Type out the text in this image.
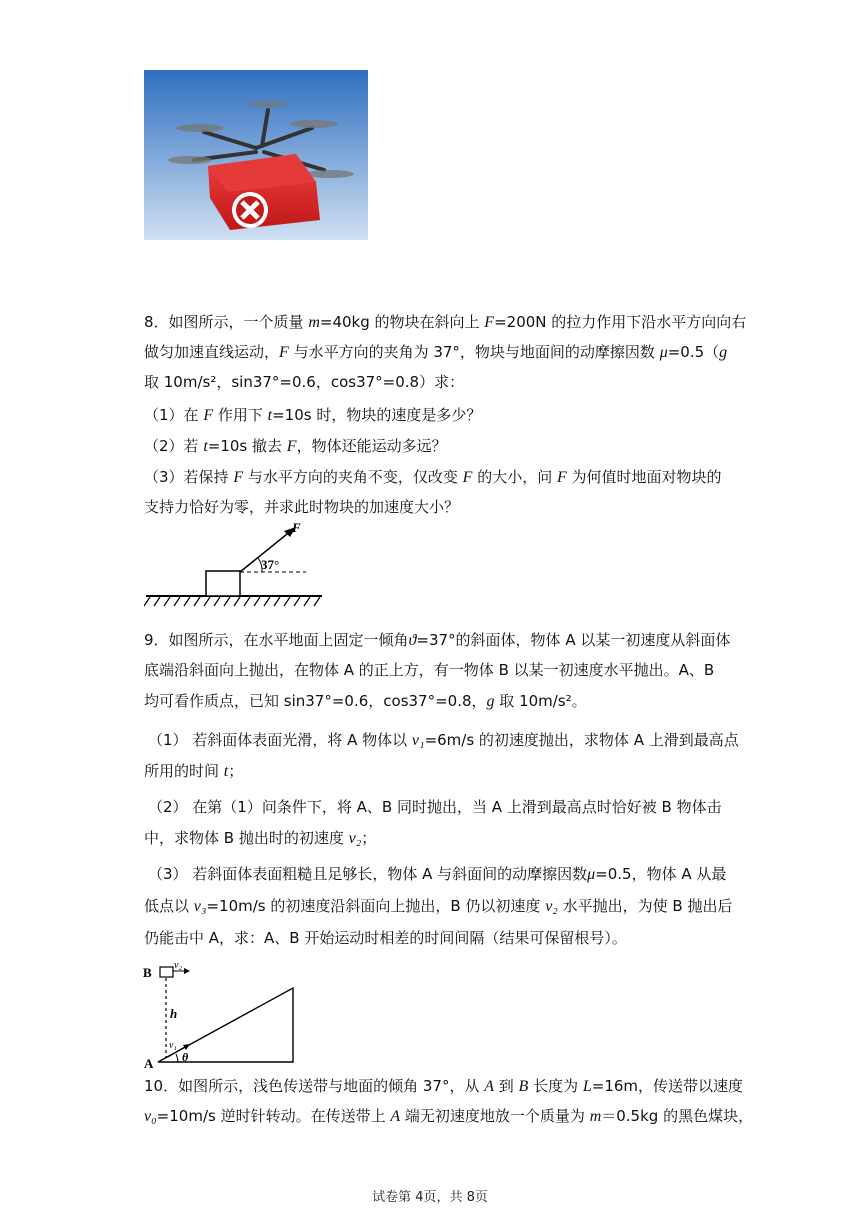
8．如图所示，一个质量 m=40kg 的物块在斜向上 F=200N 的拉力作用下沿水平方向向右
做匀加速直线运动，F 与水平方向的夹角为 37°，物块与地面间的动摩擦因数 μ=0.5（g
取 10m/s²，sin37°=0.6，cos37°=0.8）求：
（1）在 F 作用下 t=10s 时，物块的速度是多少？
（2）若 t=10s 撤去 F，物体还能运动多远？
（3）若保持 F 与水平方向的夹角不变，仅改变 F 的大小，问 F 为何值时地面对物块的
支持力恰好为零，并求此时物块的加速度大小？
37°
F
9．如图所示，在水平地面上固定一倾角ϑ=37°的斜面体，物体 A 以某一初速度从斜面体
底端沿斜面向上抛出，在物体 A 的正上方，有一物体 B 以某一初速度水平抛出。A、B
均可看作质点，已知 sin37°=0.6，cos37°=0.8，g 取 10m/s²。
（1） 若斜面体表面光滑，将 A 物体以 v₁=6m/s 的初速度抛出，求物体 A 上滑到最高点
所用的时间 t；
（2） 在第（1）问条件下，将 A、B 同时抛出，当 A 上滑到最高点时恰好被 B 物体击
中，求物体 B 抛出时的初速度 v₂；
（3） 若斜面体表面粗糙且足够长，物体 A 与斜面间的动摩擦因数μ=0.5，物体 A 从最
低点以 v₃=10m/s 的初速度沿斜面向上抛出，B 仍以初速度 v₂ 水平抛出，为使 B 抛出后
仍能击中 A，求：A、B 开始运动时相差的时间间隔（结果可保留根号）。
B v₂
h
v₁
θ
A
10．如图所示，浅色传送带与地面的倾角 37°，从 A 到 B 长度为 L=16m，传送带以速度
v₀=10m/s 逆时针转动。在传送带上 A 端无初速度地放一个质量为 m＝0.5kg 的黑色煤块，
试卷第 4页，共 8页
